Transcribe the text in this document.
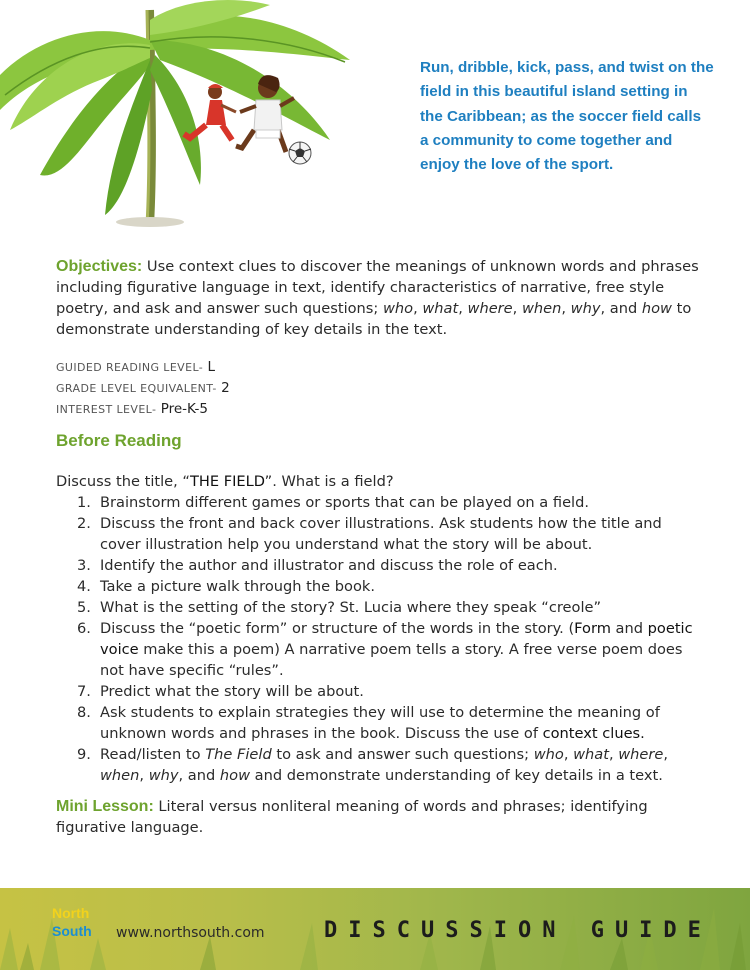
Run, dribble, kick, pass, and twist on the
field in this beautiful island setting in
the Caribbean; as the soccer field calls
a community to come together and
enjoy the love of the sport.

Objectives: Use context clues to discover the meanings of unknown words and phrases including figurative language in text, identify characteristics of narrative, free style poetry, and ask and answer such questions; who, what, where, when, why, and how to demonstrate understanding of key details in the text.

GUIDED READING LEVEL- L
GRADE LEVEL EQUIVALENT- 2
INTEREST LEVEL- Pre-K-5
Before Reading
Discuss the title, “THE FIELD”. What is a field?
1. Brainstorm different games or sports that can be played on a field.
2. Discuss the front and back cover illustrations. Ask students how the title and cover illustration help you understand what the story will be about.
3. Identify the author and illustrator and discuss the role of each.
4. Take a picture walk through the book.
5. What is the setting of the story? St. Lucia where they speak “creole”
6. Discuss the “poetic form” or structure of the words in the story. (Form and poetic voice make this a poem) A narrative poem tells a story. A free verse poem does not have specific “rules”.
7. Predict what the story will be about.
8. Ask students to explain strategies they will use to determine the meaning of unknown words and phrases in the book. Discuss the use of context clues.
9. Read/listen to The Field to ask and answer such questions; who, what, where, when, why, and how and demonstrate understanding of key details in a text.
Mini Lesson: Literal versus nonliteral meaning of words and phrases; identifying figurative language.
North
South www.northsouth.com	DISCUSSION GUIDE
